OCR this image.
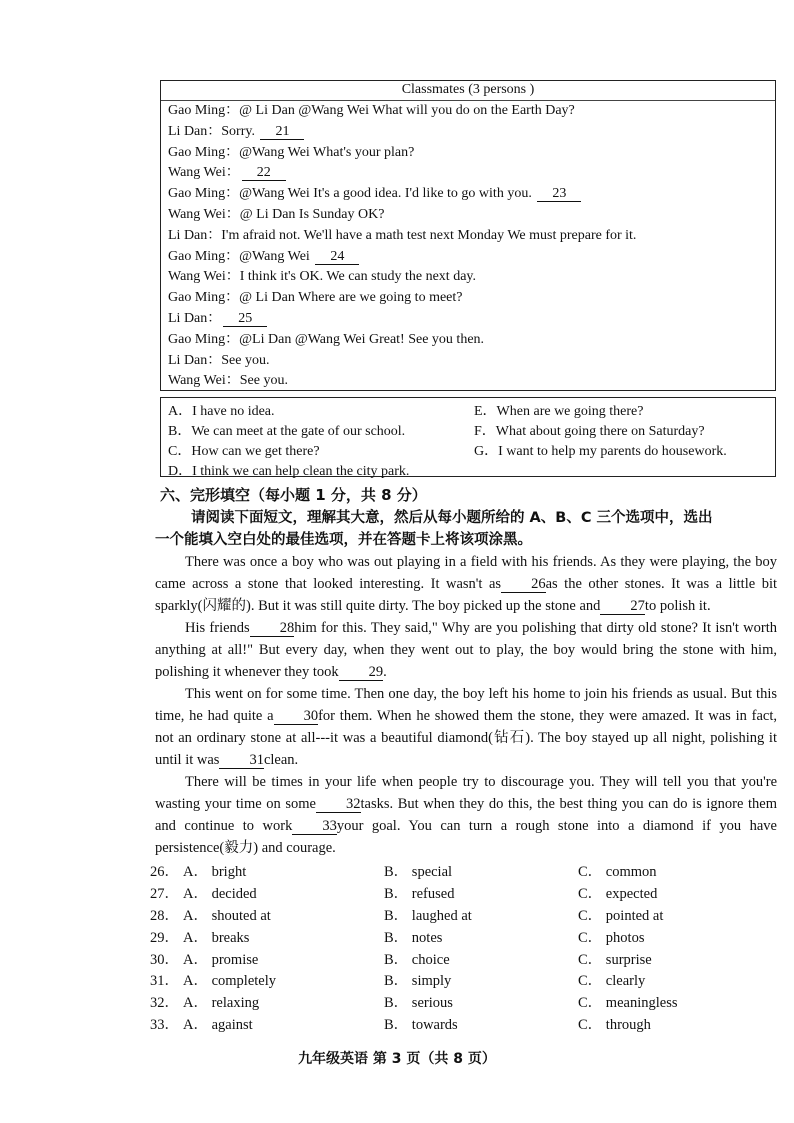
Classmates (3 persons )
Gao Ming：@ Li Dan @Wang Wei What will you do on the Earth Day?
Li Dan：Sorry. 21
Gao Ming：@Wang Wei What's your plan?
Wang Wei： 22
Gao Ming：@Wang Wei It's a good idea. I'd like to go with you. 23
Wang Wei：@ Li Dan Is Sunday OK?
Li Dan：I'm afraid not. We'll have a math test next Monday We must prepare for it.
Gao Ming：@Wang Wei 24
Wang Wei：I think it's OK. We can study the next day.
Gao Ming：@ Li Dan Where are we going to meet?
Li Dan： 25
Gao Ming：@Li Dan @Wang Wei Great! See you then.
Li Dan：See you.
Wang Wei：See you.
A．I have no idea.
B．We can meet at the gate of our school.
C．How can we get there?
D．I think we can help clean the city park.
E．When are we going there?
F．What about going there on Saturday?
G．I want to help my parents do housework.
六、完形填空（每小题 1 分，共 8 分）
请阅读下面短文，理解其大意，然后从每小题所给的 A、B、C 三个选项中，选出
一个能填入空白处的最佳选项，并在答题卡上将该项涂黑。

There was once a boy who was out playing in a field with his friends. As they were playing, the boy came across a stone that looked interesting. It wasn't as 26as the other stones. It was a little bit sparkly(闪耀的). But it was still quite dirty. The boy picked up the stone and 27to polish it.

His friends 28him for this. They said," Why are you polishing that dirty old stone? It isn't worth anything at all!" But every day, when they went out to play, the boy would bring the stone with him, polishing it whenever they took 29.

This went on for some time. Then one day, the boy left his home to join his friends as usual. But this time, he had quite a 30for them. When he showed them the stone, they were amazed. It was in fact, not an ordinary stone at all---it was a beautiful diamond(钻石). The boy stayed up all night, polishing it until it was 31clean.

There will be times in your life when people try to discourage you. They will tell you that you're wasting your time on some 32tasks. But when they do this, the best thing you can do is ignore them and continue to work 33your goal. You can turn a rough stone into a diamond if you have persistence(毅力) and courage.

26． A． bright	B． special	C． common
27． A． decided	B． refused	C． expected
28． A． shouted at	B． laughed at	C． pointed at
29． A． breaks	B． notes	C． photos
30． A． promise	B． choice	C． surprise
31． A． completely	B． simply	C． clearly
32． A． relaxing	B． serious	C． meaningless
33． A． against	B． towards	C． through
九年级英语 第 3 页（共 8 页）
